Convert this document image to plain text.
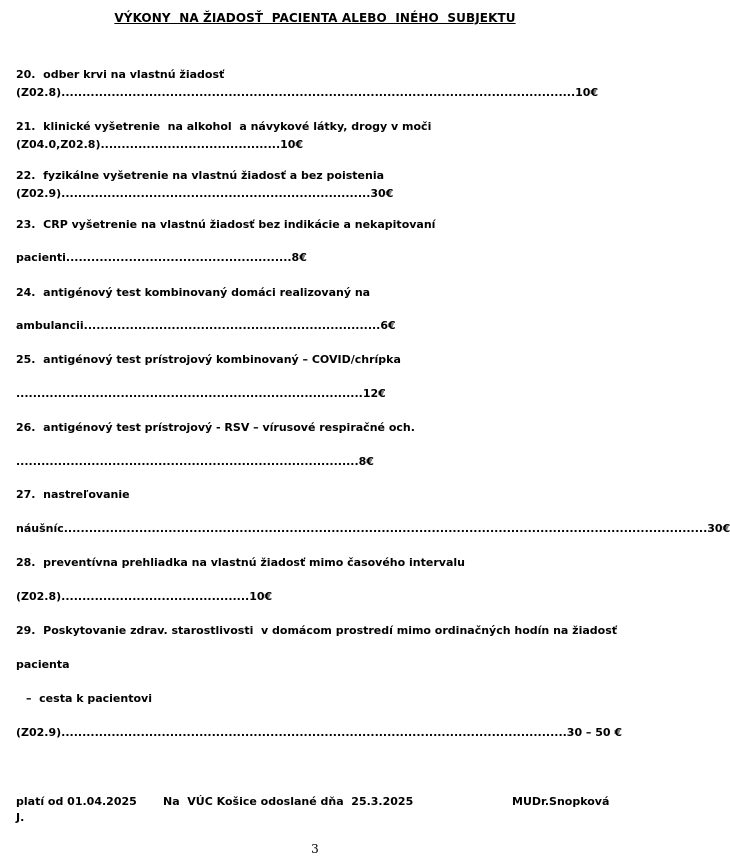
VÝKONY  NA ŽIADOSŤ  PACIENTA ALEBO  INÉHO  SUBJEKTU
20.  odber krvi na vlastnú žiadosť
(Z02.8)...........................................................................................................................10€
21.  klinické vyšetrenie  na alkohol  a návykové látky, drogy v moči
(Z04.0,Z02.8)...........................................10€
22.  fyzikálne vyšetrenie na vlastnú žiadosť a bez poistenia
(Z02.9)..........................................................................30€
23.  CRP vyšetrenie na vlastnú žiadosť bez indikácie a nekapitovaní
pacienti......................................................8€
24.  antigénový test kombinovaný domáci realizovaný na
ambulancii.......................................................................6€
25.  antigénový test prístrojový kombinovaný – COVID/chrípka
...................................................................................12€
26.  antigénový test prístrojový - RSV – vírusové respiračné och.
..................................................................................8€
27.  nastreľovanie
náušníc..........................................................................................................................................................30€
28.  preventívna prehliadka na vlastnú žiadosť mimo časového intervalu
(Z02.8).............................................10€
29.  Poskytovanie zdrav. starostlivosti  v domácom prostredí mimo ordinačných hodín na žiadosť
pacienta
–  cesta k pacientovi
(Z02.9).........................................................................................................................30 – 50 €
platí od 01.04.2025 Na  VÚC Košice odoslané dňa  25.3.2025	MUDr.Snopková
J.
3
